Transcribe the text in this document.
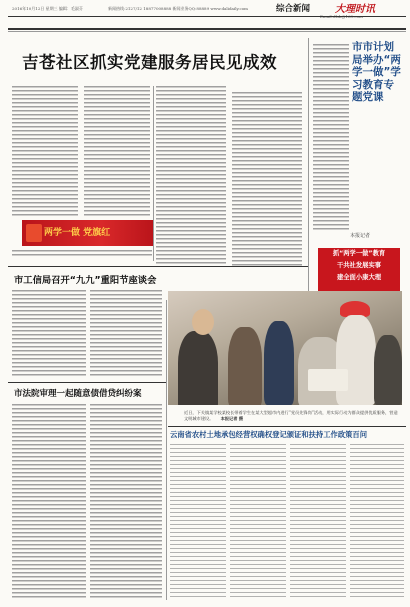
2016年10月12日 星期三 编辑：毛淑芬	新闻热线:2127/12 18877008888 新闻业务QQ:88889 www.dalidaily.com	综合新闻 大理时讯
吉苍社区抓实党建服务居民见成效
两学一做 党旗红
市市计划局举办“两学一做”学习教育专题党课
本报记者
抓“两学一做”教育
干共社发展实事
建全面小康大理
市工信局召开“九九”重阳节座谈会
市法院审理一起随意债借贷纠纷案
近日，下关镇某学校某校长带着学生在某大型超市内进行“党员先锋岗”活动，用实际行动为群众提供优质服务，营造文明城市建设。 本报记者 摄
云南省农村土地承包经营权确权登记颁证和扶持工作政策百问
